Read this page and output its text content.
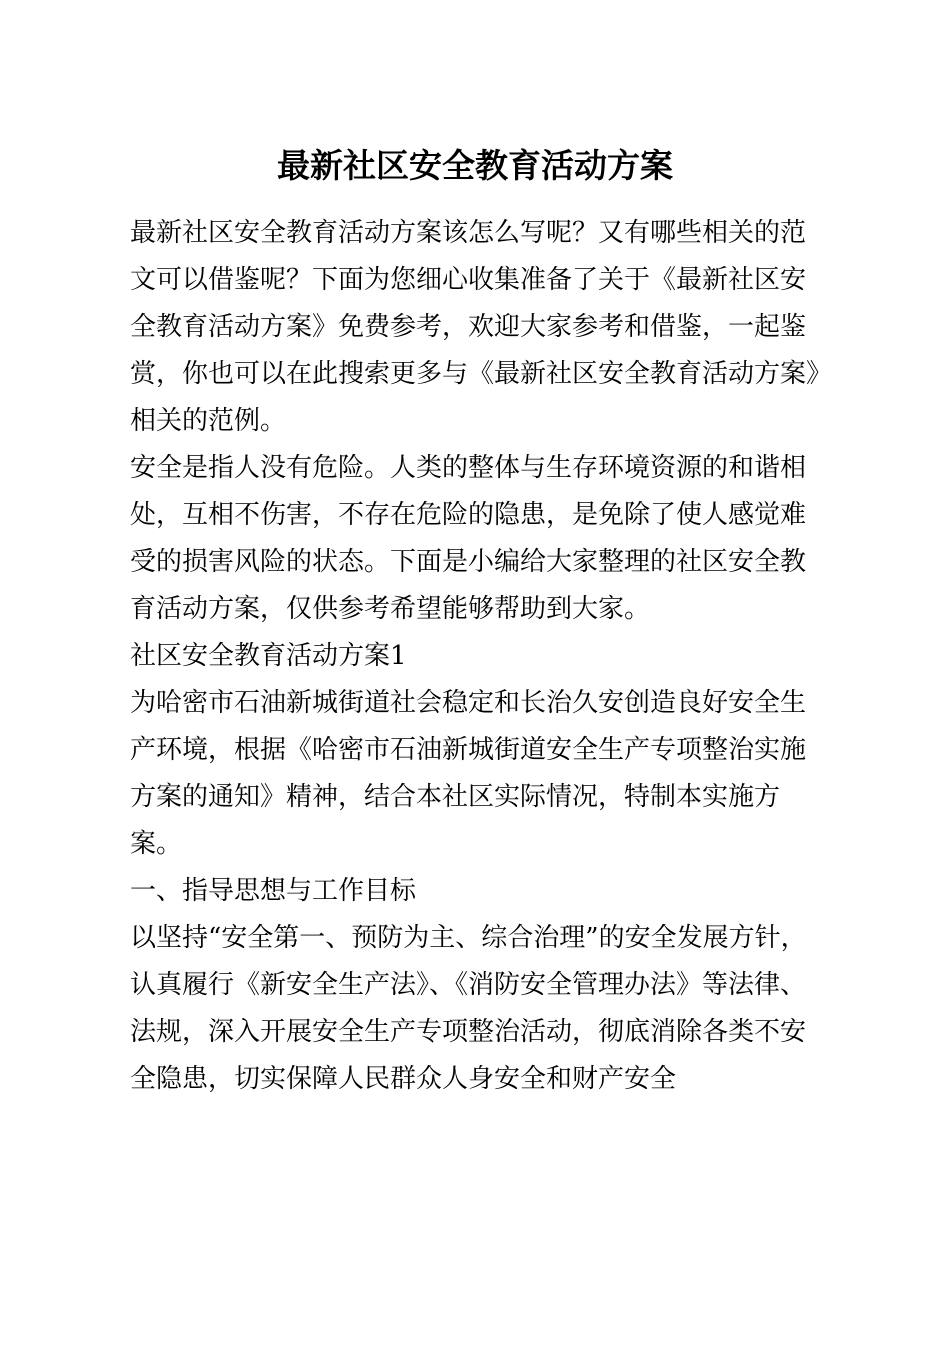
最新社区安全教育活动方案

最新社区安全教育活动方案该怎么写呢？又有哪些相关的范文可以借鉴呢？下面为您细心收集准备了关于《最新社区安全教育活动方案》免费参考，欢迎大家参考和借鉴，一起鉴赏，你也可以在此搜索更多与《最新社区安全教育活动方案》相关的范例。

安全是指人没有危险。人类的整体与生存环境资源的和谐相处，互相不伤害，不存在危险的隐患，是免除了使人感觉难受的损害风险的状态。下面是小编给大家整理的社区安全教育活动方案，仅供参考希望能够帮助到大家。

社区安全教育活动方案1

为哈密市石油新城街道社会稳定和长治久安创造良好安全生产环境，根据《哈密市石油新城街道安全生产专项整治实施方案的通知》精神，结合本社区实际情况，特制本实施方案。

一、指导思想与工作目标

以坚持“安全第一、预防为主、综合治理”的安全发展方针，认真履行《新安全生产法》、《消防安全管理办法》等法律、法规，深入开展安全生产专项整治活动，彻底消除各类不安全隐患，切实保障人民群众人身安全和财产安全
